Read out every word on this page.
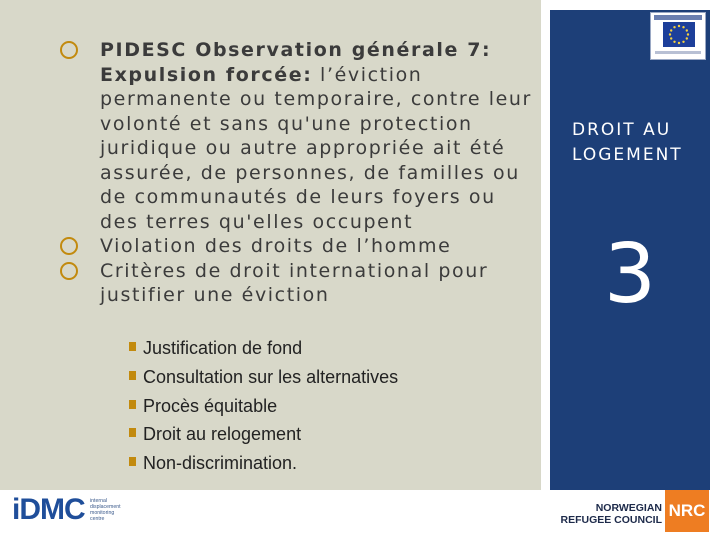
DROIT AU
LOGEMENT
3
PIDESC Observation générale 7: Expulsion forcée: l’éviction permanente ou temporaire, contre leur volonté et sans qu'une protection juridique ou autre appropriée ait été assurée, de personnes, de familles ou de communautés de leurs foyers ou des terres qu'elles occupent
Violation des droits de l’homme
Critères de droit international pour justifier une éviction
Justification de fond
Consultation sur les alternatives
Procès équitable
Droit au relogement
Non-discrimination.
iDMC internal
displacement
monitoring
centre
NORWEGIAN
REFUGEE COUNCIL NRC
